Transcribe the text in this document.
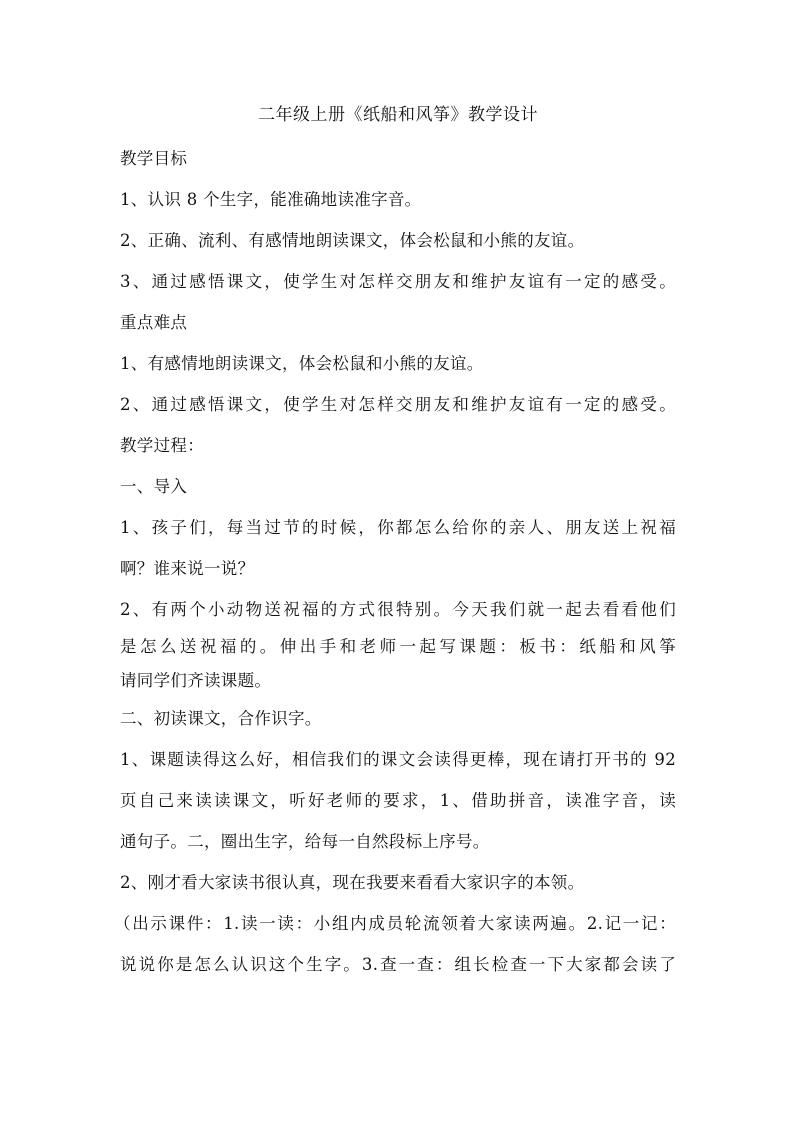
二年级上册《纸船和风筝》教学设计

教学目标

1、认识 8 个生字，能准确地读准字音。

2、正确、流利、有感情地朗读课文，体会松鼠和小熊的友谊。

3、通过感悟课文，使学生对怎样交朋友和维护友谊有一定的感受。

重点难点

1、有感情地朗读课文，体会松鼠和小熊的友谊。

2、通过感悟课文，使学生对怎样交朋友和维护友谊有一定的感受。

教学过程：

一、导入

1、孩子们，每当过节的时候，你都怎么给你的亲人、朋友送上祝福

啊？谁来说一说？

2、有两个小动物送祝福的方式很特别。今天我们就一起去看看他们

是怎么送祝福的。伸出手和老师一起写课题：板书：纸船和风筝

请同学们齐读课题。

二、初读课文，合作识字。

1、课题读得这么好，相信我们的课文会读得更棒，现在请打开书的 92

页自己来读读课文，听好老师的要求，1、借助拼音，读准字音，读

通句子。二，圈出生字，给每一自然段标上序号。

2、刚才看大家读书很认真，现在我要来看看大家识字的本领。

（出示课件：1.读一读：小组内成员轮流领着大家读两遍。2.记一记：

说说你是怎么认识这个生字。3.查一查：组长检查一下大家都会读了
